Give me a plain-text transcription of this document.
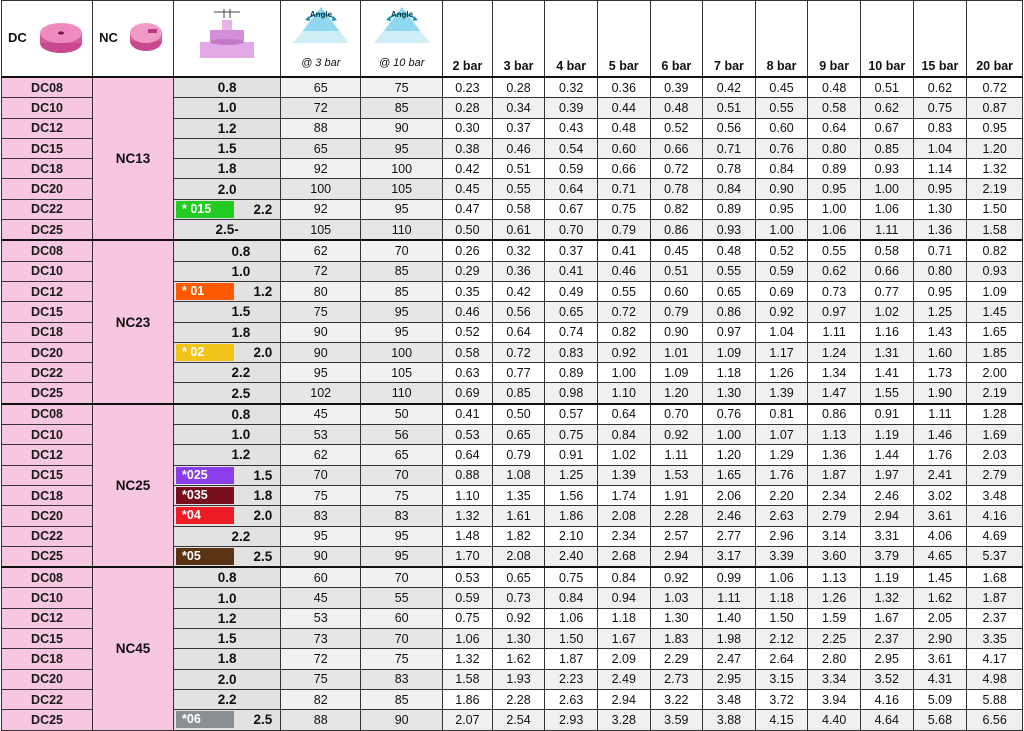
DC	NC		Angle
@ 3 bar	Angle
@ 10 bar	2 bar	3 bar	4 bar	5 bar	6 bar	7 bar	8 bar	9 bar	10 bar	15 bar	20 bar
DC08	NC13	0.8	65	75	0.23	0.28	0.32	0.36	0.39	0.42	0.45	0.48	0.51	0.62	0.72
DC10		1.0	72	85	0.28	0.34	0.39	0.44	0.48	0.51	0.55	0.58	0.62	0.75	0.87
DC12		1.2	88	90	0.30	0.37	0.43	0.48	0.52	0.56	0.60	0.64	0.67	0.83	0.95
DC15		1.5	65	95	0.38	0.46	0.54	0.60	0.66	0.71	0.76	0.80	0.85	1.04	1.20
DC18		1.8	92	100	0.42	0.51	0.59	0.66	0.72	0.78	0.84	0.89	0.93	1.14	1.32
DC20		2.0	100	105	0.45	0.55	0.64	0.71	0.78	0.84	0.90	0.95	1.00	0.95	2.19
DC22		* 015 2.2	92	95	0.47	0.58	0.67	0.75	0.82	0.89	0.95	1.00	1.06	1.30	1.50
DC25		2.5-	105	110	0.50	0.61	0.70	0.79	0.86	0.93	1.00	1.06	1.11	1.36	1.58
DC08	NC23	0.8	62	70	0.26	0.32	0.37	0.41	0.45	0.48	0.52	0.55	0.58	0.71	0.82
DC10		1.0	72	85	0.29	0.36	0.41	0.46	0.51	0.55	0.59	0.62	0.66	0.80	0.93
DC12		* 01 1.2	80	85	0.35	0.42	0.49	0.55	0.60	0.65	0.69	0.73	0.77	0.95	1.09
DC15		1.5	75	95	0.46	0.56	0.65	0.72	0.79	0.86	0.92	0.97	1.02	1.25	1.45
DC18		1.8	90	95	0.52	0.64	0.74	0.82	0.90	0.97	1.04	1.11	1.16	1.43	1.65
DC20		* 02 2.0	90	100	0.58	0.72	0.83	0.92	1.01	1.09	1.17	1.24	1.31	1.60	1.85
DC22		2.2	95	105	0.63	0.77	0.89	1.00	1.09	1.18	1.26	1.34	1.41	1.73	2.00
DC25		2.5	102	110	0.69	0.85	0.98	1.10	1.20	1.30	1.39	1.47	1.55	1.90	2.19
DC08	NC25	0.8	45	50	0.41	0.50	0.57	0.64	0.70	0.76	0.81	0.86	0.91	1.11	1.28
DC10		1.0	53	56	0.53	0.65	0.75	0.84	0.92	1.00	1.07	1.13	1.19	1.46	1.69
DC12		1.2	62	65	0.64	0.79	0.91	1.02	1.11	1.20	1.29	1.36	1.44	1.76	2.03
DC15		*025 1.5	70	70	0.88	1.08	1.25	1.39	1.53	1.65	1.76	1.87	1.97	2.41	2.79
DC18		*035 1.8	75	75	1.10	1.35	1.56	1.74	1.91	2.06	2.20	2.34	2.46	3.02	3.48
DC20		*04 2.0	83	83	1.32	1.61	1.86	2.08	2.28	2.46	2.63	2.79	2.94	3.61	4.16
DC22		2.2	95	95	1.48	1.82	2.10	2.34	2.57	2.77	2.96	3.14	3.31	4.06	4.69
DC25		*05 2.5	90	95	1.70	2.08	2.40	2.68	2.94	3.17	3.39	3.60	3.79	4.65	5.37
DC08	NC45	0.8	60	70	0.53	0.65	0.75	0.84	0.92	0.99	1.06	1.13	1.19	1.45	1.68
DC10		1.0	45	55	0.59	0.73	0.84	0.94	1.03	1.11	1.18	1.26	1.32	1.62	1.87
DC12		1.2	53	60	0.75	0.92	1.06	1.18	1.30	1.40	1.50	1.59	1.67	2.05	2.37
DC15		1.5	73	70	1.06	1.30	1.50	1.67	1.83	1.98	2.12	2.25	2.37	2.90	3.35
DC18		1.8	72	75	1.32	1.62	1.87	2.09	2.29	2.47	2.64	2.80	2.95	3.61	4.17
DC20		2.0	75	83	1.58	1.93	2.23	2.49	2.73	2.95	3.15	3.34	3.52	4.31	4.98
DC22		2.2	82	85	1.86	2.28	2.63	2.94	3.22	3.48	3.72	3.94	4.16	5.09	5.88
DC25		*06 2.5	88	90	2.07	2.54	2.93	3.28	3.59	3.88	4.15	4.40	4.64	5.68	6.56
